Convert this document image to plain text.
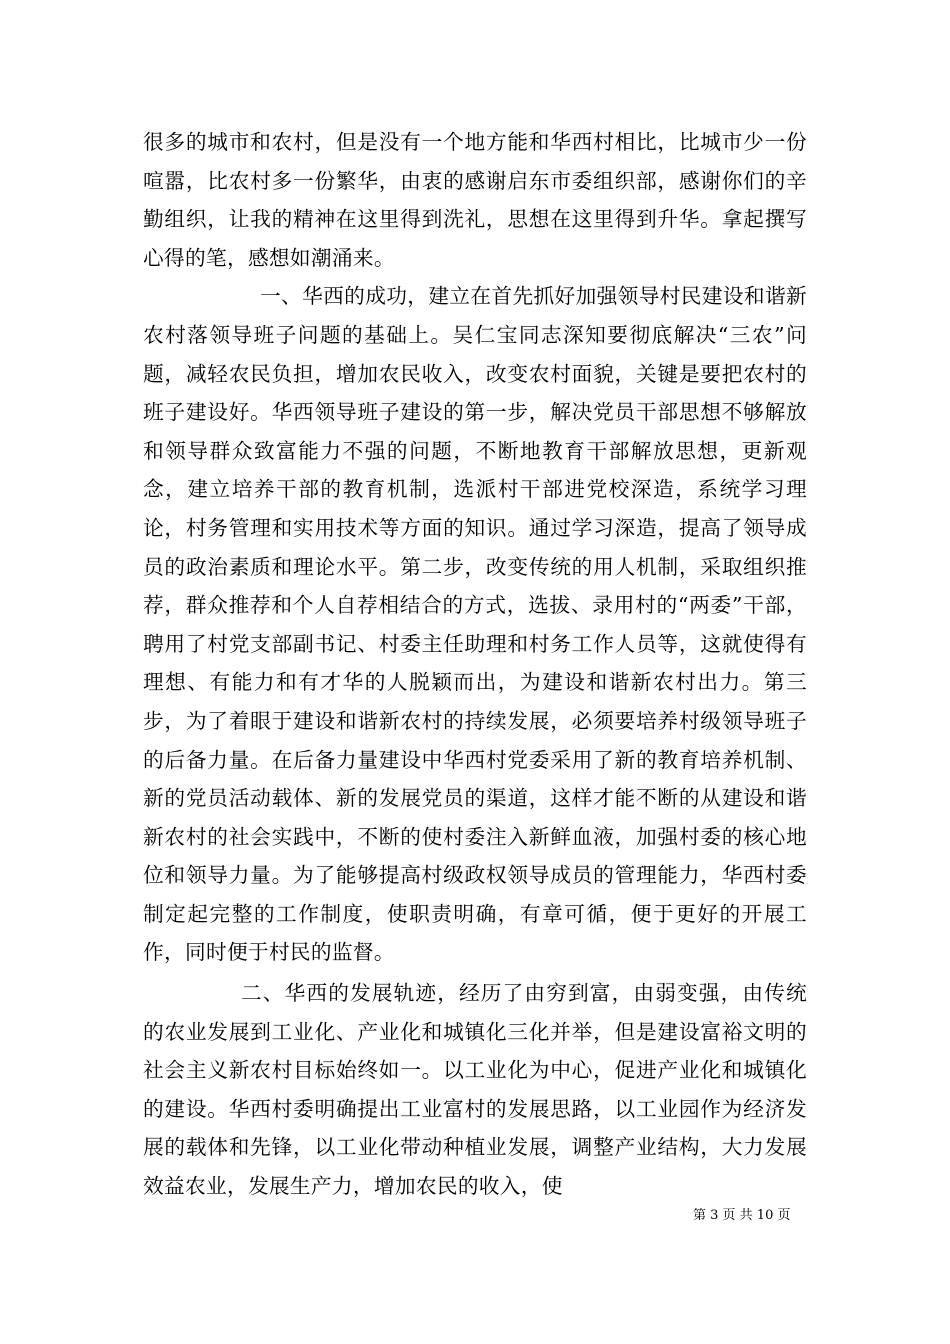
很多的城市和农村，但是没有一个地方能和华西村相比，比城市少一份喧嚣，比农村多一份繁华，由衷的感谢启东市委组织部，感谢你们的辛勤组织，让我的精神在这里得到洗礼，思想在这里得到升华。拿起撰写心得的笔，感想如潮涌来。

一、华西的成功，建立在首先抓好加强领导村民建设和谐新农村落领导班子问题的基础上。吴仁宝同志深知要彻底解决“三农”问题，减轻农民负担，增加农民收入，改变农村面貌，关键是要把农村的班子建设好。华西领导班子建设的第一步，解决党员干部思想不够解放和领导群众致富能力不强的问题，不断地教育干部解放思想，更新观念，建立培养干部的教育机制，选派村干部进党校深造，系统学习理论，村务管理和实用技术等方面的知识。通过学习深造，提高了领导成员的政治素质和理论水平。第二步，改变传统的用人机制，采取组织推荐，群众推荐和个人自荐相结合的方式，选拔、录用村的“两委”干部，聘用了村党支部副书记、村委主任助理和村务工作人员等，这就使得有理想、有能力和有才华的人脱颖而出，为建设和谐新农村出力。第三步，为了着眼于建设和谐新农村的持续发展，必须要培养村级领导班子的后备力量。在后备力量建设中华西村党委采用了新的教育培养机制、新的党员活动载体、新的发展党员的渠道，这样才能不断的从建设和谐新农村的社会实践中，不断的使村委注入新鲜血液，加强村委的核心地位和领导力量。为了能够提高村级政权领导成员的管理能力，华西村委制定起完整的工作制度，使职责明确，有章可循，便于更好的开展工作，同时便于村民的监督。

二、华西的发展轨迹，经历了由穷到富，由弱变强，由传统的农业发展到工业化、产业化和城镇化三化并举，但是建设富裕文明的社会主义新农村目标始终如一。以工业化为中心，促进产业化和城镇化的建设。华西村委明确提出工业富村的发展思路，以工业园作为经济发展的载体和先锋，以工业化带动种植业发展，调整产业结构，大力发展效益农业，发展生产力，增加农民的收入，使

第 3 页 共 10 页
